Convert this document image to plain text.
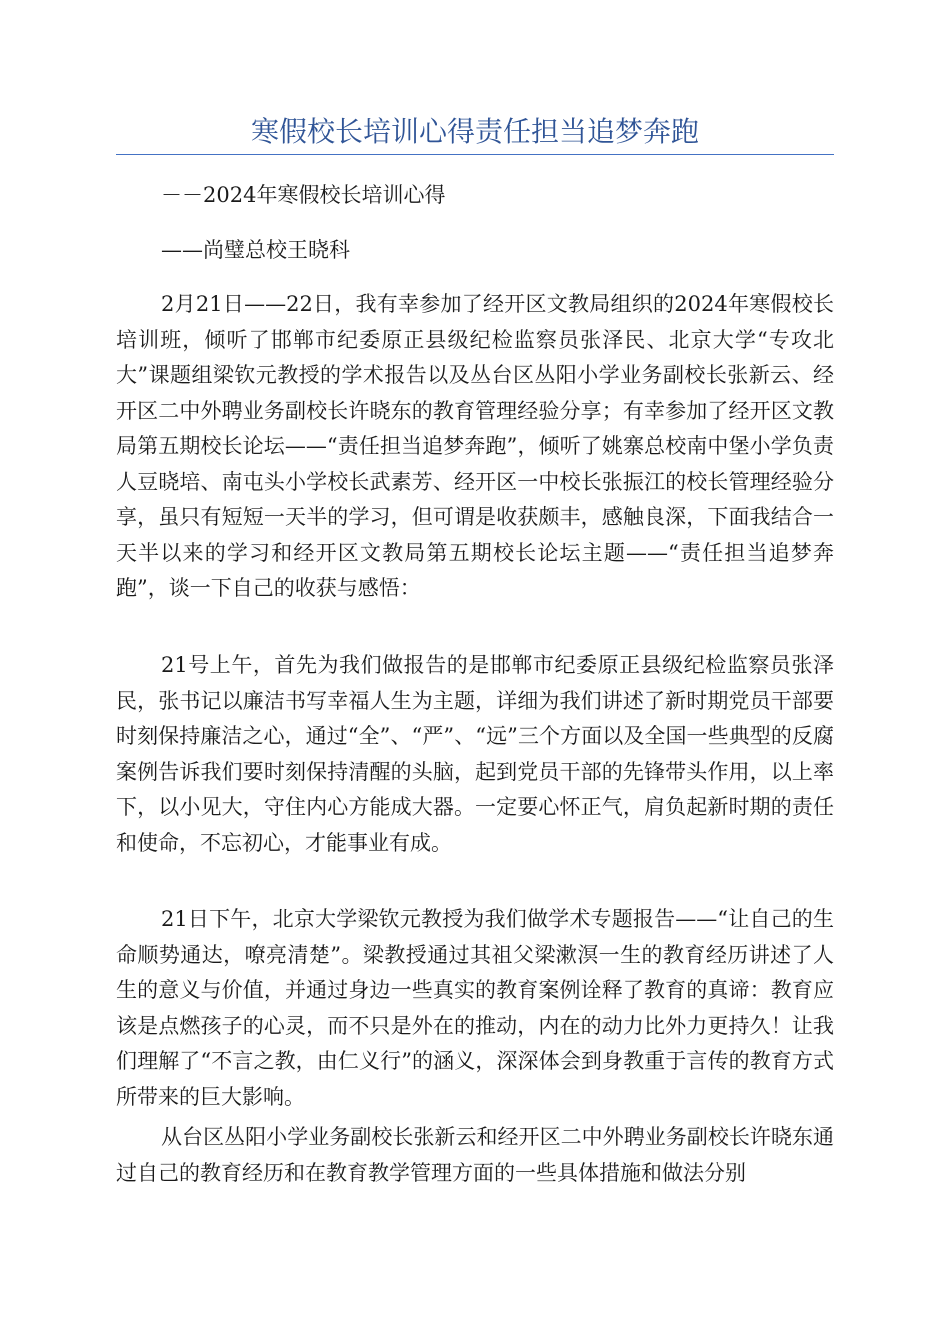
寒假校长培训心得责任担当追梦奔跑

－－2024年寒假校长培训心得

——尚璧总校王晓科

2月21日——22日，我有幸参加了经开区文教局组织的2024年寒假校长培训班，倾听了邯郸市纪委原正县级纪检监察员张泽民、北京大学“专攻北大”课题组梁钦元教授的学术报告以及丛台区丛阳小学业务副校长张新云、经开区二中外聘业务副校长许晓东的教育管理经验分享；有幸参加了经开区文教局第五期校长论坛——“责任担当追梦奔跑”，倾听了姚寨总校南中堡小学负责人豆晓培、南屯头小学校长武素芳、经开区一中校长张振江的校长管理经验分享，虽只有短短一天半的学习，但可谓是收获颇丰，感触良深，下面我结合一天半以来的学习和经开区文教局第五期校长论坛主题——“责任担当追梦奔跑”，谈一下自己的收获与感悟：

21号上午，首先为我们做报告的是邯郸市纪委原正县级纪检监察员张泽民，张书记以廉洁书写幸福人生为主题，详细为我们讲述了新时期党员干部要时刻保持廉洁之心，通过“全”、“严”、“远”三个方面以及全国一些典型的反腐案例告诉我们要时刻保持清醒的头脑，起到党员干部的先锋带头作用，以上率下，以小见大，守住内心方能成大器。一定要心怀正气，肩负起新时期的责任和使命，不忘初心，才能事业有成。

21日下午，北京大学梁钦元教授为我们做学术专题报告——“让自己的生命顺势通达，嘹亮清楚”。梁教授通过其祖父梁漱溟一生的教育经历讲述了人生的意义与价值，并通过身边一些真实的教育案例诠释了教育的真谛：教育应该是点燃孩子的心灵，而不只是外在的推动，内在的动力比外力更持久！让我们理解了“不言之教，由仁义行”的涵义，深深体会到身教重于言传的教育方式所带来的巨大影响。

从台区丛阳小学业务副校长张新云和经开区二中外聘业务副校长许晓东通过自己的教育经历和在教育教学管理方面的一些具体措施和做法分别
